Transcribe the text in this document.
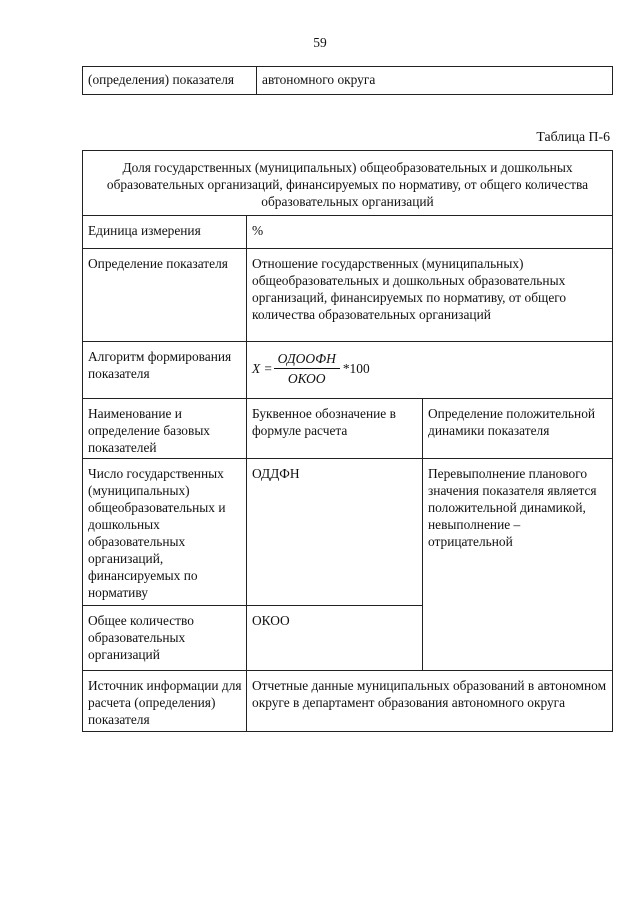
59
(определения) показателя	автономного округа
Таблица П-6
Доля государственных (муниципальных) общеобразовательных и дошкольных образовательных организаций, финансируемых по нормативу, от общего количества образовательных организаций		
Единица измерения	%	
Определение показателя	Отношение государственных (муниципальных) общеобразовательных и дошкольных образовательных организаций, финансируемых по нормативу, от общего количества образовательных организаций	
Алгоритм формирования показателя	$X = \frac{\text{ОДООФН}}{\text{ОКОО}} *100$	

Наименование и определение базовых показателей	Буквенное обозначение в формуле расчета	Определение положительной динамики показателя
Число государственных (муниципальных) общеобразовательных и дошкольных образовательных организаций, финансируемых по нормативу	ОДДФН	Перевыполнение планового значения показателя является положительной динамикой, невыполнение – отрицательной
Общее количество образовательных организаций	ОКОО	
Источник информации для расчета (определения) показателя	Отчетные данные муниципальных образований в автономном округе в департамент образования автономного округа	
